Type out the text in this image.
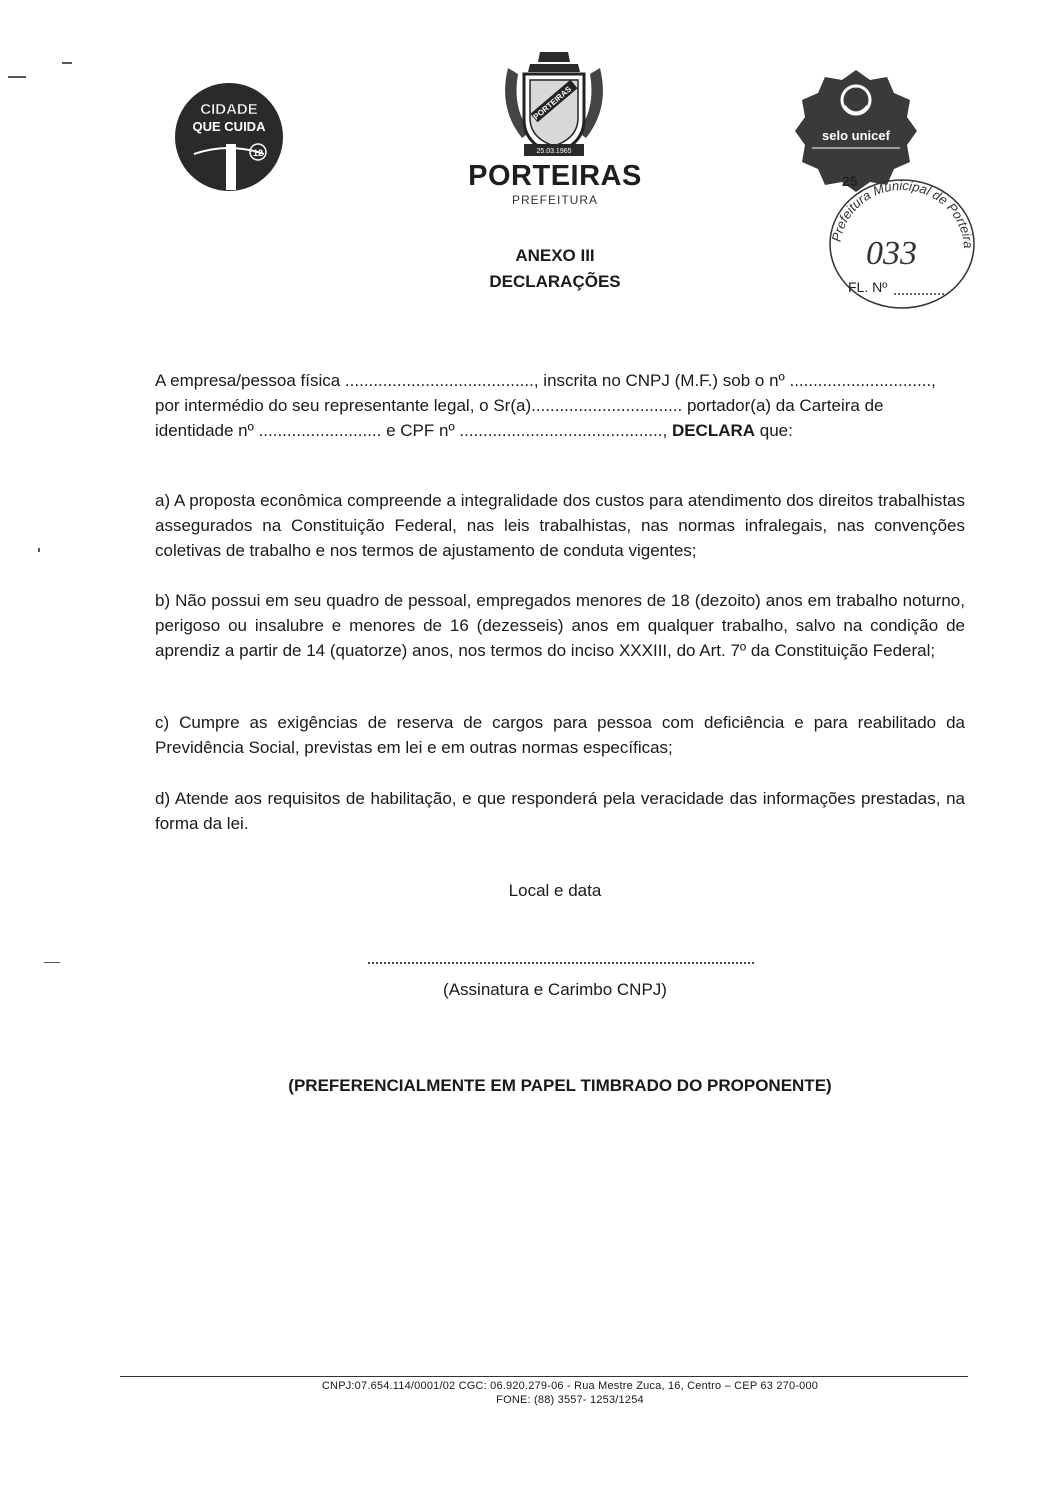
CIDADE
QUE CUIDA
12
PORTEIRAS
25.03.1965
PORTEIRAS
PREFEITURA
selo unicef
Prefeitura Municipal de Porteira
25
033
FL. Nº
ANEXO III
DECLARAÇÕES
A empresa/pessoa física ........................................, inscrita no CNPJ (M.F.) sob o nº ..............................,
por intermédio do seu representante legal, o Sr(a)................................ portador(a) da Carteira de
identidade nº .......................... e CPF nº ..........................................., DECLARA que:
a) A proposta econômica compreende a integralidade dos custos para atendimento dos direitos trabalhistas assegurados na Constituição Federal, nas leis trabalhistas, nas normas infralegais, nas convenções coletivas de trabalho e nos termos de ajustamento de conduta vigentes;
b) Não possui em seu quadro de pessoal, empregados menores de 18 (dezoito) anos em trabalho noturno, perigoso ou insalubre e menores de 16 (dezesseis) anos em qualquer trabalho, salvo na condição de aprendiz a partir de 14 (quatorze) anos, nos termos do inciso XXXIII, do Art. 7º da Constituição Federal;
c) Cumpre as exigências de reserva de cargos para pessoa com deficiência e para reabilitado da Previdência Social, previstas em lei e em outras normas específicas;
d) Atende aos requisitos de habilitação, e que responderá pela veracidade das informações prestadas, na forma da lei.
Local e data
(Assinatura e Carimbo CNPJ)
(PREFERENCIALMENTE EM PAPEL TIMBRADO DO PROPONENTE)
CNPJ:07.654.114/0001/02 CGC: 06.920.279-06 - Rua Mestre Zuca, 16, Centro – CEP 63 270-000
FONE: (88) 3557- 1253/1254
